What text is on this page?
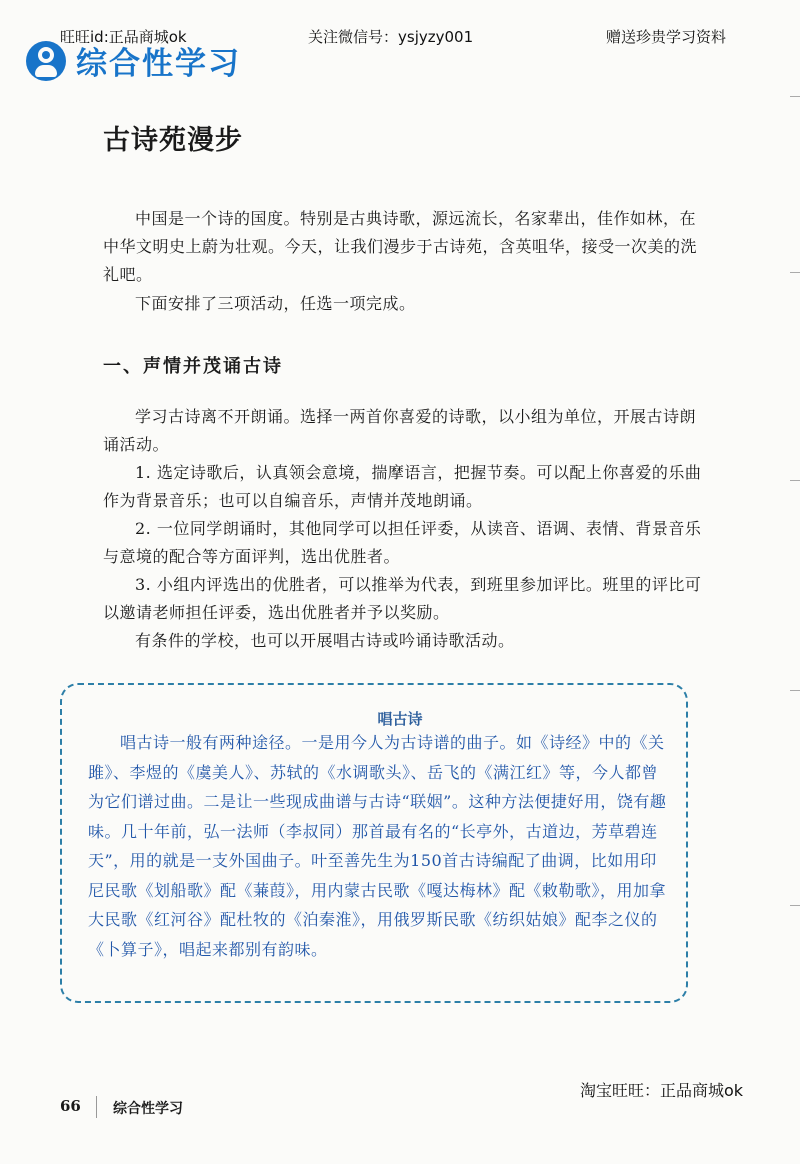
旺旺id:正品商城ok	关注微信号：ysjyzy001	赠送珍贵学习资料
综合性学习
古诗苑漫步

中国是一个诗的国度。特别是古典诗歌，源远流长，名家辈出，佳作如林，在中华文明史上蔚为壮观。今天，让我们漫步于古诗苑，含英咀华，接受一次美的洗礼吧。

下面安排了三项活动，任选一项完成。

一、声情并茂诵古诗

学习古诗离不开朗诵。选择一两首你喜爱的诗歌，以小组为单位，开展古诗朗诵活动。

1. 选定诗歌后，认真领会意境，揣摩语言，把握节奏。可以配上你喜爱的乐曲作为背景音乐；也可以自编音乐，声情并茂地朗诵。

2. 一位同学朗诵时，其他同学可以担任评委，从读音、语调、表情、背景音乐与意境的配合等方面评判，选出优胜者。

3. 小组内评选出的优胜者，可以推举为代表，到班里参加评比。班里的评比可以邀请老师担任评委，选出优胜者并予以奖励。

有条件的学校，也可以开展唱古诗或吟诵诗歌活动。

唱古诗

唱古诗一般有两种途径。一是用今人为古诗谱的曲子。如《诗经》中的《关雎》、李煜的《虞美人》、苏轼的《水调歌头》、岳飞的《满江红》等，今人都曾为它们谱过曲。二是让一些现成曲谱与古诗“联姻”。这种方法便捷好用，饶有趣味。几十年前，弘一法师（李叔同）那首最有名的“长亭外，古道边，芳草碧连天”，用的就是一支外国曲子。叶至善先生为150首古诗编配了曲调，比如用印尼民歌《划船歌》配《蒹葭》，用内蒙古民歌《嘎达梅林》配《敕勒歌》，用加拿大民歌《红河谷》配杜牧的《泊秦淮》，用俄罗斯民歌《纺织姑娘》配李之仪的《卜算子》，唱起来都别有韵味。

淘宝旺旺：正品商城ok
66 综合性学习
